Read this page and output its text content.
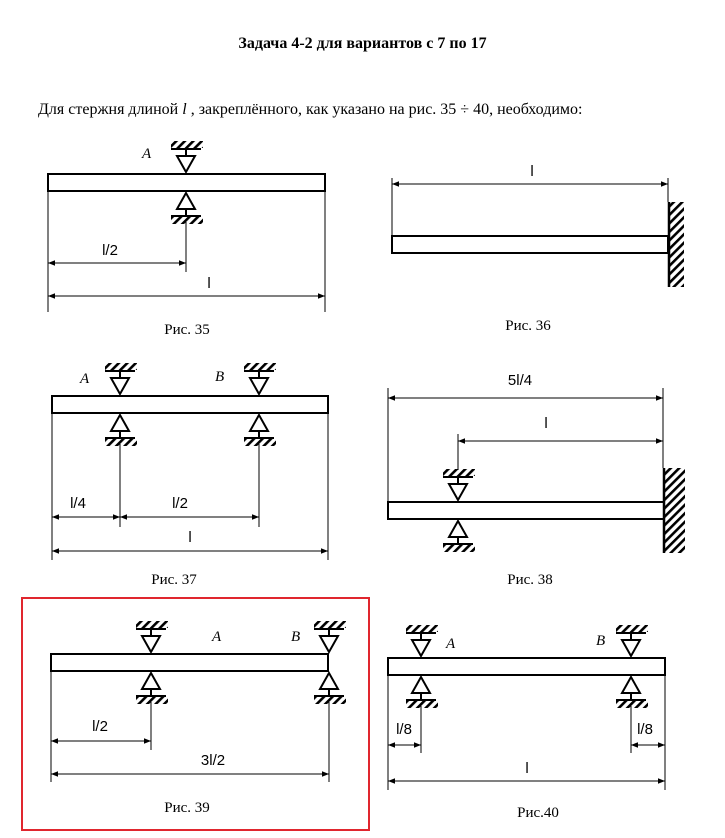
Задача 4-2 для вариантов с 7 по 17
Для стержня длиной l , закреплённого, как указано на рис. 35 ÷ 40, необходимо:
A
l/2
l
Рис. 35
l
Рис. 36
A	B
l/4	l/2
l
Рис. 37
5l/4
l
Рис. 38
A	B
l/2
3l/2
Рис. 39
A	B
l/8	l/8
l
Рис.40
